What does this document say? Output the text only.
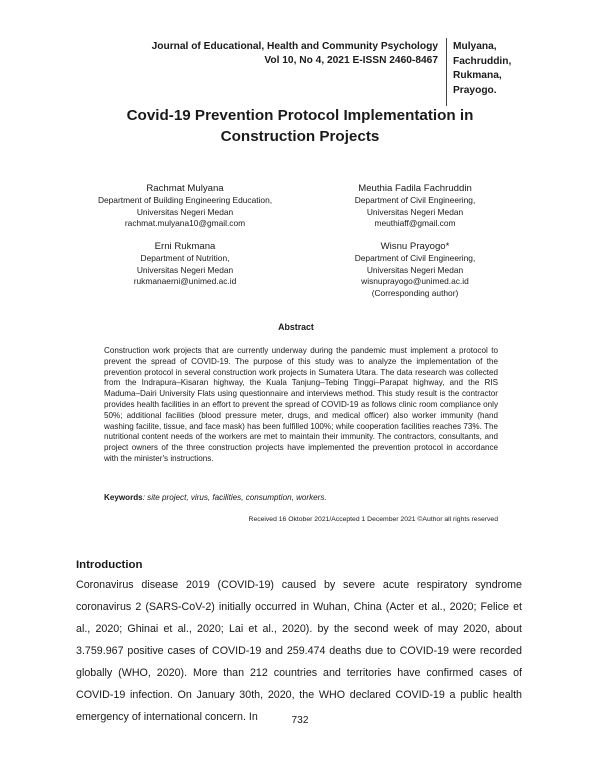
Journal of Educational, Health and Community Psychology
Vol 10, No 4, 2021 E-ISSN 2460-8467
Mulyana,
Fachruddin,
Rukmana,
Prayogo.
Covid-19 Prevention Protocol Implementation in
Construction Projects
Rachmat Mulyana
Department of Building Engineering Education,
Universitas Negeri Medan
rachmat.mulyana10@gmail.com
Meuthia Fadila Fachruddin
Department of Civil Engineering,
Universitas Negeri Medan
meuthiaff@gmail.com
Erni Rukmana
Department of Nutrition,
Universitas Negeri Medan
rukmanaerni@unimed.ac.id
Wisnu Prayogo*
Department of Civil Engineering,
Universitas Negeri Medan
wisnuprayogo@unimed.ac.id
(Corresponding author)
Abstract
Construction work projects that are currently underway during the pandemic must implement a protocol to prevent the spread of COVID-19. The purpose of this study was to analyze the implementation of the prevention protocol in several construction work projects in Sumatera Utara. The data research was collected from the Indrapura–Kisaran highway, the Kuala Tanjung–Tebing Tinggi–Parapat highway, and the RIS Maduma–Dairi University Flats using questionnaire and interviews method. This study result is the contractor provides health facilities in an effort to prevent the spread of COVID-19 as follows clinic room compliance only 50%; additional facilities (blood pressure meter, drugs, and medical officer) also worker immunity (hand washing facilite, tissue, and face mask) has been fulfilled 100%; while cooperation facilities reaches 73%. The nutritional content needs of the workers are met to maintain their immunity. The contractors, consultants, and project owners of the three construction projects have implemented the prevention protocol in accordance with the minister's instructions.
Keywords: site project, virus, facilities, consumption, workers.
Received 16 Oktober 2021/Accepted 1 December 2021 ©Author all rights reserved
Introduction
Coronavirus disease 2019 (COVID-19) caused by severe acute respiratory syndrome coronavirus 2 (SARS-CoV-2) initially occurred in Wuhan, China (Acter et al., 2020; Felice et al., 2020; Ghinai et al., 2020; Lai et al., 2020). by the second week of may 2020, about 3.759.967 positive cases of COVID-19 and 259.474 deaths due to COVID-19 were recorded globally (WHO, 2020). More than 212 countries and territories have confirmed cases of COVID-19 infection. On January 30th, 2020, the WHO declared COVID-19 a public health emergency of international concern. In	732
